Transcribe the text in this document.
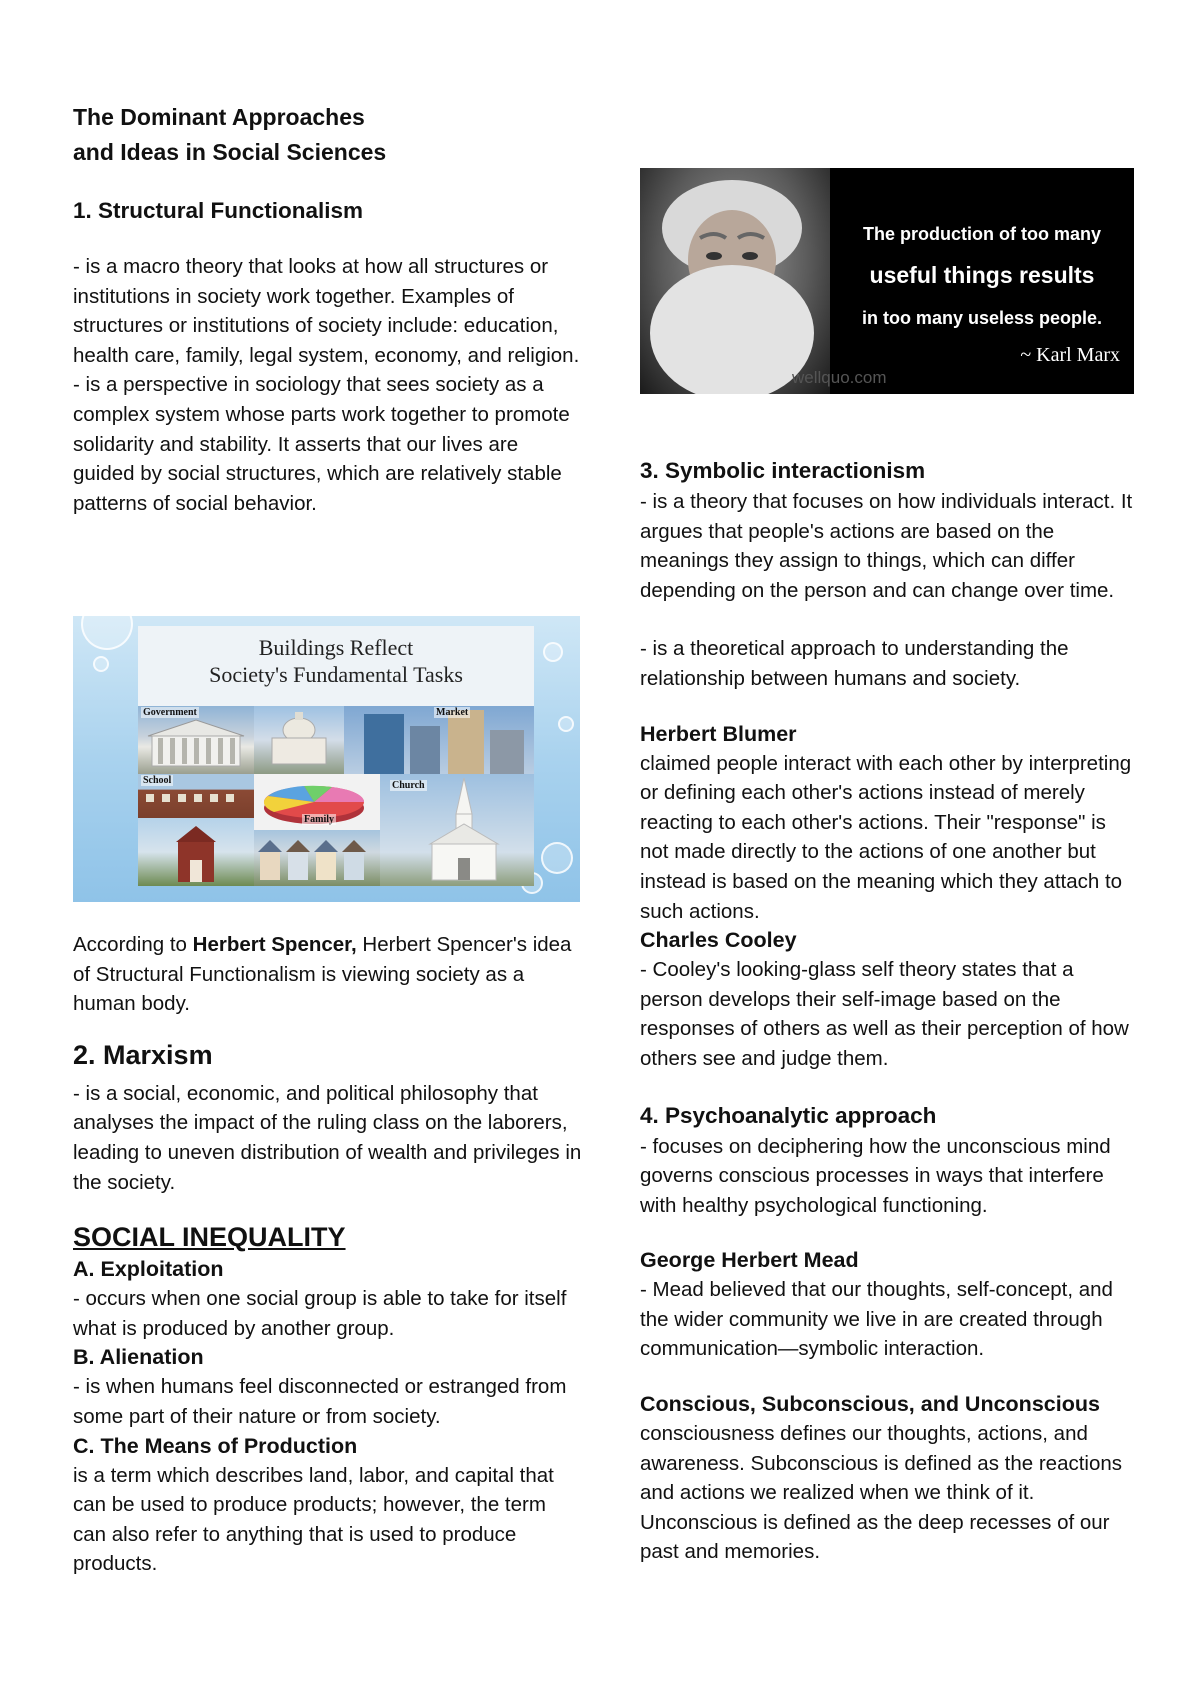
The Dominant Approaches
and Ideas in Social Sciences
1. Structural Functionalism

- is a macro theory that looks at how all structures or institutions in society work together. Examples of structures or institutions of society include: education, health care, family, legal system, economy, and religion.

- is a perspective in sociology that sees society as a complex system whose parts work together to promote solidarity and stability. It asserts that our lives are guided by social structures, which are relatively stable patterns of social behavior.

Buildings Reflect
Society's Fundamental Tasks
Government	Market
School
Family
Church

According to Herbert Spencer, Herbert Spencer's idea of Structural Functionalism is viewing society as a human body.

2. Marxism

- is a social, economic, and political philosophy that analyses the impact of the ruling class on the laborers, leading to uneven distribution of wealth and privileges in the society.

SOCIAL INEQUALITY
A. Exploitation

- occurs when one social group is able to take for itself what is produced by another group.

B. Alienation

- is when humans feel disconnected or estranged from some part of their nature or from society.

C. The Means of Production

is a term which describes land, labor, and capital that can be used to produce products; however, the term can also refer to anything that is used to produce products.

The production of too many
useful things results
in too many useless people.
~ Karl Marx
wellquo.com
3. Symbolic interactionism

- is a theory that focuses on how individuals interact. It argues that people's actions are based on the meanings they assign to things, which can differ depending on the person and can change over time.

- is a theoretical approach to understanding the relationship between humans and society.

Herbert Blumer

claimed people interact with each other by interpreting or defining each other's actions instead of merely reacting to each other's actions. Their "response" is not made directly to the actions of one another but instead is based on the meaning which they attach to such actions.

Charles Cooley

- Cooley's looking-glass self theory states that a person develops their self-image based on the responses of others as well as their perception of how others see and judge them.

4. Psychoanalytic approach

- focuses on deciphering how the unconscious mind governs conscious processes in ways that interfere with healthy psychological functioning.

George Herbert Mead

- Mead believed that our thoughts, self-concept, and the wider community we live in are created through communication—symbolic interaction.

Conscious, Subconscious, and Unconscious

consciousness defines our thoughts, actions, and awareness. Subconscious is defined as the reactions and actions we realized when we think of it. Unconscious is defined as the deep recesses of our past and memories.
